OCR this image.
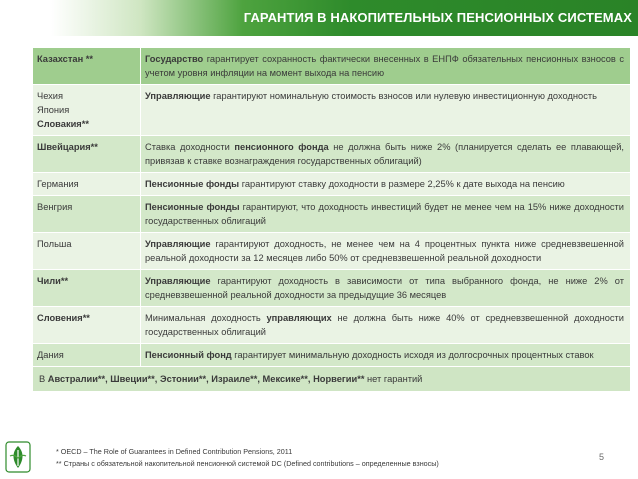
ГАРАНТИЯ В НАКОПИТЕЛЬНЫХ ПЕНСИОННЫХ СИСТЕМАХ
Казахстан **	Государство гарантирует сохранность фактически внесенных в ЕНПФ обязательных пенсионных взносов с учетом уровня инфляции на момент выхода на пенсию

Чехия
Япония
Словакия**	Управляющие гарантируют номинальную стоимость взносов или нулевую инвестиционную доходность

Швейцария**	Ставка доходности пенсионного фонда не должна быть ниже 2% (планируется сделать ее плавающей, привязав к ставке вознаграждения государственных облигаций)

Германия	Пенсионные фонды гарантируют ставку доходности в размере 2,25% к дате выхода на пенсию

Венгрия	Пенсионные фонды гарантируют, что доходность инвестиций будет не менее чем на 15% ниже доходности государственных облигаций

Польша	Управляющие гарантируют доходность, не менее чем на 4 процентных пункта ниже средневзвешенной реальной доходности за 12 месяцев либо 50% от средневзвешенной реальной доходности

Чили**	Управляющие гарантируют доходность в зависимости от типа выбранного фонда, не ниже 2% от средневзвешенной реальной доходности за предыдущие 36 месяцев

Словения**	Минимальная доходность управляющих не должна быть ниже 40% от средневзвешенной доходности государственных облигаций

Дания	Пенсионный фонд гарантирует минимальную доходность исходя из долгосрочных процентных ставок
В Австралии**, Швеции**, Эстонии**, Израиле**, Мексике**, Норвегии** нет гарантий	
* OECD – The Role of Guarantees in Defined Contribution Pensions, 2011
** Страны с обязательной накопительной пенсионной системой DC (Defined contributions – определенные взносы)
5
